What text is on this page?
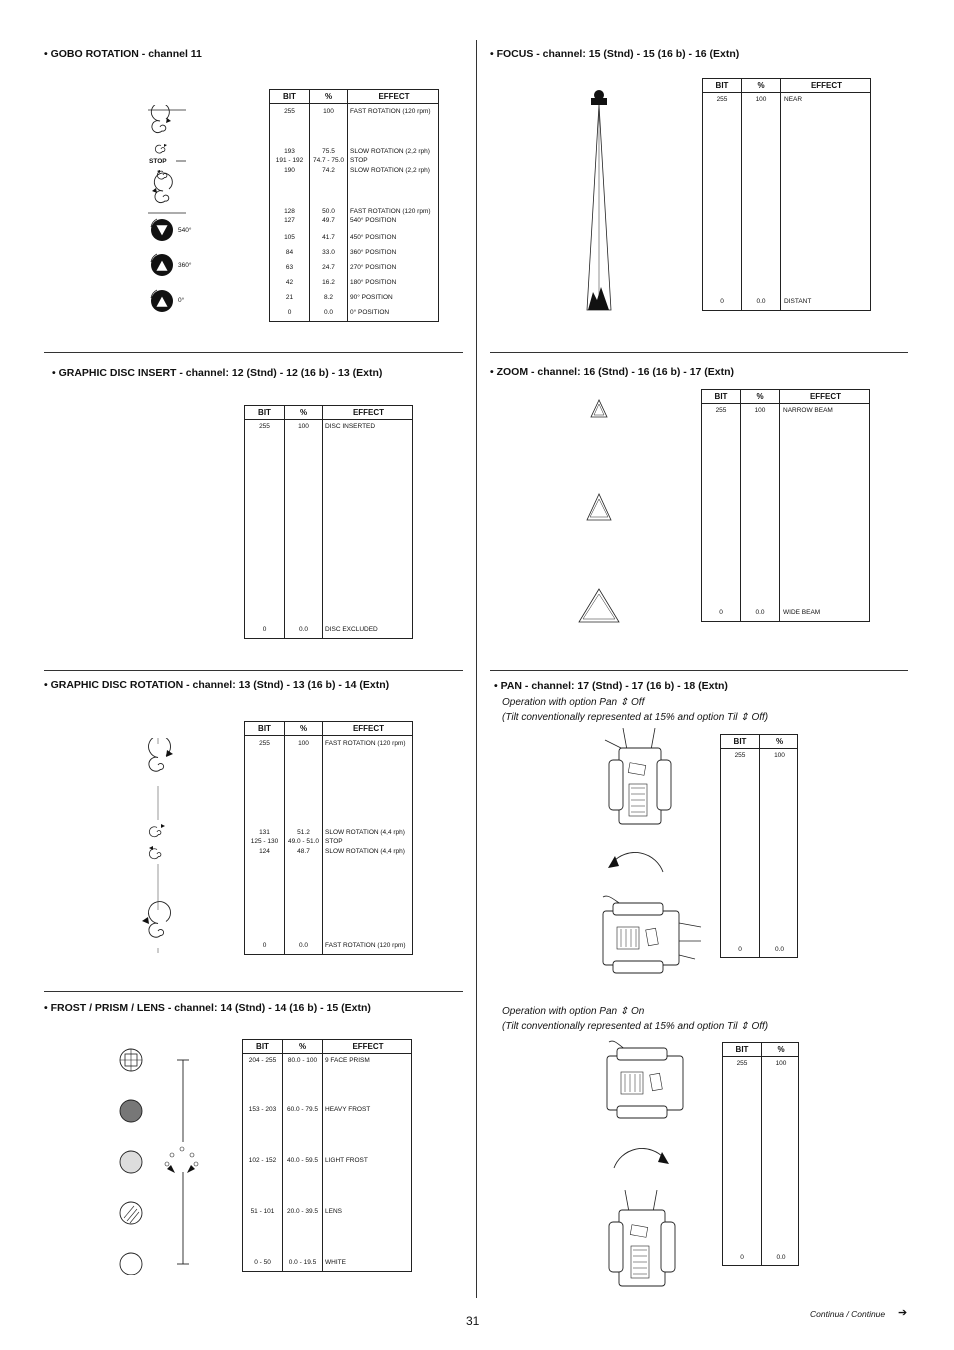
• GOBO ROTATION - channel 11
STOP
540°
360°
0°
BIT	%	EFFECT
255	100	FAST ROTATION (120 rpm)
193	75.5	SLOW ROTATION (2,2 rph)
191 - 192	74.7 - 75.0 STOP
190	74.2	SLOW ROTATION (2,2 rph)
128	50.0	FAST ROTATION (120 rpm)
127	49.7	540° POSITION
105	41.7	450° POSITION
84	33.0	360° POSITION
63	24.7	270° POSITION
42	16.2	180° POSITION
21	8.2	90° POSITION
0	0.0	0° POSITION
• GRAPHIC DISC INSERT - channel: 12 (Stnd) - 12 (16 b) - 13 (Extn)
BIT	%	EFFECT
255	100	DISC INSERTED
0	0.0	DISC EXCLUDED
• GRAPHIC DISC ROTATION - channel: 13 (Stnd) - 13 (16 b) - 14 (Extn)
BIT	%	EFFECT
255	100	FAST ROTATION (120 rpm)
131	51.2	SLOW ROTATION (4,4 rph)
125 - 130	49.0 - 51.0 STOP
124	48.7	SLOW ROTATION (4,4 rph)
0	0.0	FAST ROTATION (120 rpm)
• FROST / PRISM / LENS - channel: 14 (Stnd) - 14 (16 b) - 15 (Extn)
BIT	%	EFFECT
204 - 255	80.0 - 100	9 FACE PRISM
153 - 203	60.0 - 79.5	HEAVY FROST
102 - 152	40.0 - 59.5	LIGHT FROST
51 - 101	20.0 - 39.5	LENS
0 - 50	0.0 - 19.5	WHITE
• FOCUS - channel: 15 (Stnd) - 15 (16 b) - 16 (Extn)
BIT	%	EFFECT
255	100	NEAR
0	0.0	DISTANT
• ZOOM - channel: 16 (Stnd) - 16 (16 b) - 17 (Extn)
BIT	%	EFFECT
255	100	NARROW BEAM
0	0.0	WIDE BEAM
• PAN - channel: 17 (Stnd) - 17 (16 b) - 18 (Extn)
Operation with option Pan ⇕ Off
(Tilt conventionally represented at 15% and option Til ⇕ Off)
Operation with option Pan ⇕ On
(Tilt conventionally represented at 15% and option Til ⇕ Off)
BIT	%
255	100
0	0.0
BIT	%
255	100
0	0.0
31	Continua / Continue ➔
